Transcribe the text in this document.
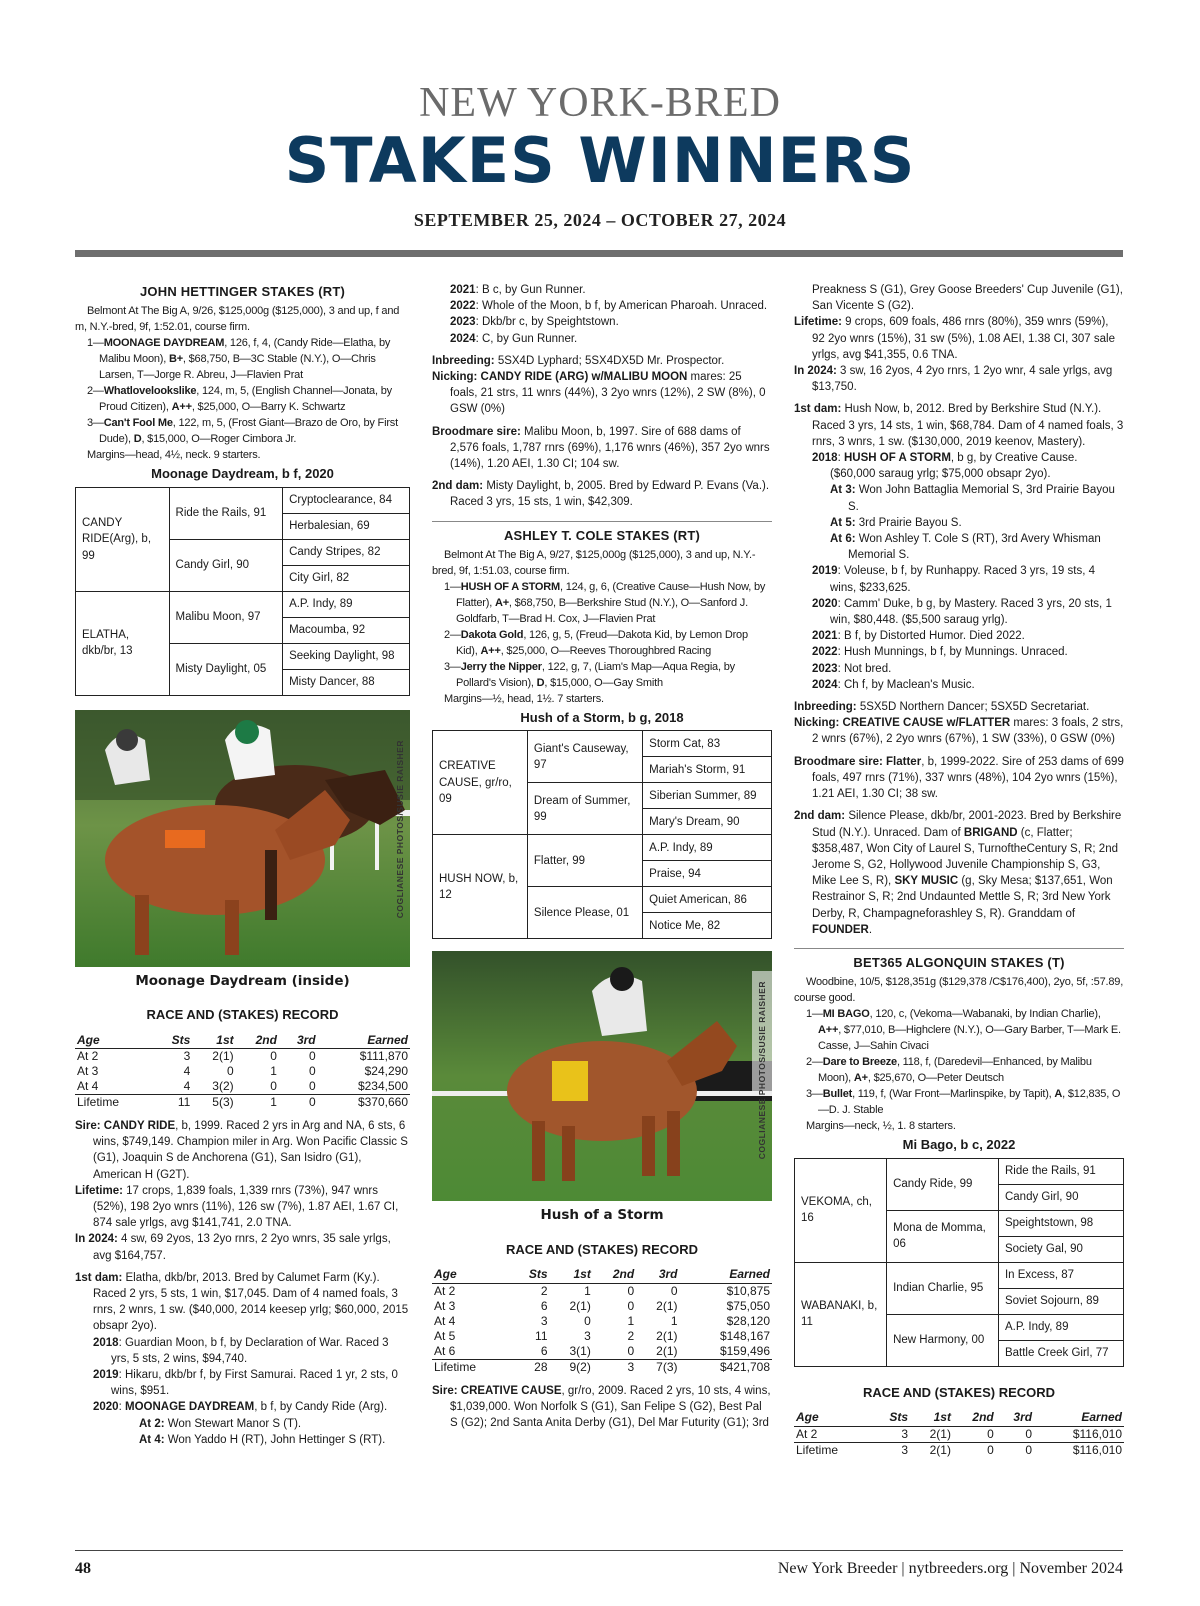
NEW YORK-BRED
STAKES WINNERS
SEPTEMBER 25, 2024 – OCTOBER 27, 2024
JOHN HETTINGER STAKES (RT)
Belmont At The Big A, 9/26, $125,000g ($125,000), 3 and up, f and m, N.Y.-bred, 9f, 1:52.01, course firm.
1—MOONAGE DAYDREAM, 126, f, 4, (Candy Ride—Elatha, by Malibu Moon), B+, $68,750, B—3C Stable (N.Y.), O—Chris Larsen, T—Jorge R. Abreu, J—Flavien Prat
2—Whatlovelookslike, 124, m, 5, (English Channel—Jonata, by Proud Citizen), A++, $25,000, O—Barry K. Schwartz
3—Can't Fool Me, 122, m, 5, (Frost Giant—Brazo de Oro, by First Dude), D, $15,000, O—Roger Cimbora Jr.
Margins—head, 4½, neck. 9 starters.
Moonage Daydream, b f, 2020
CANDY RIDE(Arg), b, 99	Ride the Rails, 91	Cryptoclearance, 84
		Herbalesian, 69
	Candy Girl, 90	Candy Stripes, 82
		City Girl, 82
ELATHA, dkb/br, 13	Malibu Moon, 97	A.P. Indy, 89
		Macoumba, 92
	Misty Daylight, 05	Seeking Daylight, 98
		Misty Dancer, 88
COGLIANESE PHOTOS/SUSIE RAISHER
Moonage Daydream (inside)
RACE AND (STAKES) RECORD
Age	Sts	1st	2nd	3rd	Earned
At 2	3	2(1)	0	0	$111,870
At 3	4	0	1	0	$24,290
At 4	4	3(2)	0	0	$234,500
Lifetime	11	5(3)	1	0	$370,660
Sire: CANDY RIDE, b, 1999. Raced 2 yrs in Arg and NA, 6 sts, 6 wins, $749,149. Champion miler in Arg. Won Pacific Classic S (G1), Joaquin S de Anchorena (G1), San Isidro (G1), American H (G2T).
Lifetime: 17 crops, 1,839 foals, 1,339 rnrs (73%), 947 wnrs (52%), 198 2yo wnrs (11%), 126 sw (7%), 1.87 AEI, 1.67 CI, 874 sale yrlgs, avg $141,741, 2.0 TNA.
In 2024: 4 sw, 69 2yos, 13 2yo rnrs, 2 2yo wnrs, 35 sale yrlgs, avg $164,757.
1st dam: Elatha, dkb/br, 2013. Bred by Calumet Farm (Ky.). Raced 2 yrs, 5 sts, 1 win, $17,045. Dam of 4 named foals, 3 rnrs, 2 wnrs, 1 sw. ($40,000, 2014 keesep yrlg; $60,000, 2015 obsapr 2yo).
2018: Guardian Moon, b f, by Declaration of War. Raced 3 yrs, 5 sts, 2 wins, $94,740.
2019: Hikaru, dkb/br f, by First Samurai. Raced 1 yr, 2 sts, 0 wins, $951.
2020: MOONAGE DAYDREAM, b f, by Candy Ride (Arg).
At 2: Won Stewart Manor S (T).
At 4: Won Yaddo H (RT), John Hettinger S (RT).
2021: B c, by Gun Runner.
2022: Whole of the Moon, b f, by American Pharoah. Unraced.
2023: Dkb/br c, by Speightstown.
2024: C, by Gun Runner.
Inbreeding: 5SX4D Lyphard; 5SX4DX5D Mr. Prospector.
Nicking: CANDY RIDE (ARG) w/MALIBU MOON mares: 25 foals, 21 strs, 11 wnrs (44%), 3 2yo wnrs (12%), 2 SW (8%), 0 GSW (0%)
Broodmare sire: Malibu Moon, b, 1997. Sire of 688 dams of 2,576 foals, 1,787 rnrs (69%), 1,176 wnrs (46%), 357 2yo wnrs (14%), 1.20 AEI, 1.30 CI; 104 sw.
2nd dam: Misty Daylight, b, 2005. Bred by Edward P. Evans (Va.). Raced 3 yrs, 15 sts, 1 win, $42,309.
ASHLEY T. COLE STAKES (RT)
Belmont At The Big A, 9/27, $125,000g ($125,000), 3 and up, N.Y.-bred, 9f, 1:51.03, course firm.
1—HUSH OF A STORM, 124, g, 6, (Creative Cause—Hush Now, by Flatter), A+, $68,750, B—Berkshire Stud (N.Y.), O—Sanford J. Goldfarb, T—Brad H. Cox, J—Flavien Prat
2—Dakota Gold, 126, g, 5, (Freud—Dakota Kid, by Lemon Drop Kid), A++, $25,000, O—Reeves Thoroughbred Racing
3—Jerry the Nipper, 122, g, 7, (Liam's Map—Aqua Regia, by Pollard's Vision), D, $15,000, O—Gay Smith
Margins—½, head, 1½. 7 starters.
Hush of a Storm, b g, 2018
CREATIVE CAUSE, gr/ro, 09	Giant's Causeway, 97	Storm Cat, 83
		Mariah's Storm, 91
	Dream of Summer, 99	Siberian Summer, 89
		Mary's Dream, 90
HUSH NOW, b, 12	Flatter, 99	A.P. Indy, 89
		Praise, 94
	Silence Please, 01	Quiet American, 86
		Notice Me, 82
COGLIANESE PHOTOS/SUSIE RAISHER
Hush of a Storm
RACE AND (STAKES) RECORD
Age	Sts	1st	2nd	3rd	Earned
At 2	2	1	0	0	$10,875
At 3	6	2(1)	0	2(1)	$75,050
At 4	3	0	1	1	$28,120
At 5	11	3	2	2(1)	$148,167
At 6	6	3(1)	0	2(1)	$159,496
Lifetime	28	9(2)	3	7(3)	$421,708
Sire: CREATIVE CAUSE, gr/ro, 2009. Raced 2 yrs, 10 sts, 4 wins, $1,039,000. Won Norfolk S (G1), San Felipe S (G2), Best Pal S (G2); 2nd Santa Anita Derby (G1), Del Mar Futurity (G1); 3rd
Preakness S (G1), Grey Goose Breeders' Cup Juvenile (G1), San Vicente S (G2).
Lifetime: 9 crops, 609 foals, 486 rnrs (80%), 359 wnrs (59%), 92 2yo wnrs (15%), 31 sw (5%), 1.08 AEI, 1.38 CI, 307 sale yrlgs, avg $41,355, 0.6 TNA.
In 2024: 3 sw, 16 2yos, 4 2yo rnrs, 1 2yo wnr, 4 sale yrlgs, avg $13,750.
1st dam: Hush Now, b, 2012. Bred by Berkshire Stud (N.Y.). Raced 3 yrs, 14 sts, 1 win, $68,784. Dam of 4 named foals, 3 rnrs, 3 wnrs, 1 sw. ($130,000, 2019 keenov, Mastery).
2018: HUSH OF A STORM, b g, by Creative Cause. ($60,000 saraug yrlg; $75,000 obsapr 2yo).
At 3: Won John Battaglia Memorial S, 3rd Prairie Bayou S.
At 5: 3rd Prairie Bayou S.
At 6: Won Ashley T. Cole S (RT), 3rd Avery Whisman Memorial S.
2019: Voleuse, b f, by Runhappy. Raced 3 yrs, 19 sts, 4 wins, $233,625.
2020: Camm' Duke, b g, by Mastery. Raced 3 yrs, 20 sts, 1 win, $80,448. ($5,500 saraug yrlg).
2021: B f, by Distorted Humor. Died 2022.
2022: Hush Munnings, b f, by Munnings. Unraced.
2023: Not bred.
2024: Ch f, by Maclean's Music.
Inbreeding: 5SX5D Northern Dancer; 5SX5D Secretariat.
Nicking: CREATIVE CAUSE w/FLATTER mares: 3 foals, 2 strs, 2 wnrs (67%), 2 2yo wnrs (67%), 1 SW (33%), 0 GSW (0%)
Broodmare sire: Flatter, b, 1999-2022. Sire of 253 dams of 699 foals, 497 rnrs (71%), 337 wnrs (48%), 104 2yo wnrs (15%), 1.21 AEI, 1.30 CI; 38 sw.
2nd dam: Silence Please, dkb/br, 2001-2023. Bred by Berkshire Stud (N.Y.). Unraced. Dam of BRIGAND (c, Flatter; $358,487, Won City of Laurel S, TurnoftheCentury S, R; 2nd Jerome S, G2, Hollywood Juvenile Championship S, G3, Mike Lee S, R), SKY MUSIC (g, Sky Mesa; $137,651, Won Restrainor S, R; 2nd Undaunted Mettle S, R; 3rd New York Derby, R, Champagneforashley S, R). Granddam of FOUNDER.
BET365 ALGONQUIN STAKES (T)
Woodbine, 10/5, $128,351g ($129,378 /C$176,400), 2yo, 5f, :57.89, course good.
1—MI BAGO, 120, c, (Vekoma—Wabanaki, by Indian Charlie), A++, $77,010, B—Highclere (N.Y.), O—Gary Barber, T—Mark E. Casse, J—Sahin Civaci
2—Dare to Breeze, 118, f, (Daredevil—Enhanced, by Malibu Moon), A+, $25,670, O—Peter Deutsch
3—Bullet, 119, f, (War Front—Marlinspike, by Tapit), A, $12,835, O—D. J. Stable
Margins—neck, ½, 1. 8 starters.
Mi Bago, b c, 2022
VEKOMA, ch, 16	Candy Ride, 99	Ride the Rails, 91
		Candy Girl, 90
	Mona de Momma, 06	Speightstown, 98
		Society Gal, 90
WABANAKI, b, 11	Indian Charlie, 95	In Excess, 87
		Soviet Sojourn, 89
	New Harmony, 00	A.P. Indy, 89
		Battle Creek Girl, 77
RACE AND (STAKES) RECORD
Age	Sts	1st	2nd	3rd	Earned
At 2	3	2(1)	0	0	$116,010
Lifetime	3	2(1)	0	0	$116,010
48	New York Breeder | nytbreeders.org | November 2024
